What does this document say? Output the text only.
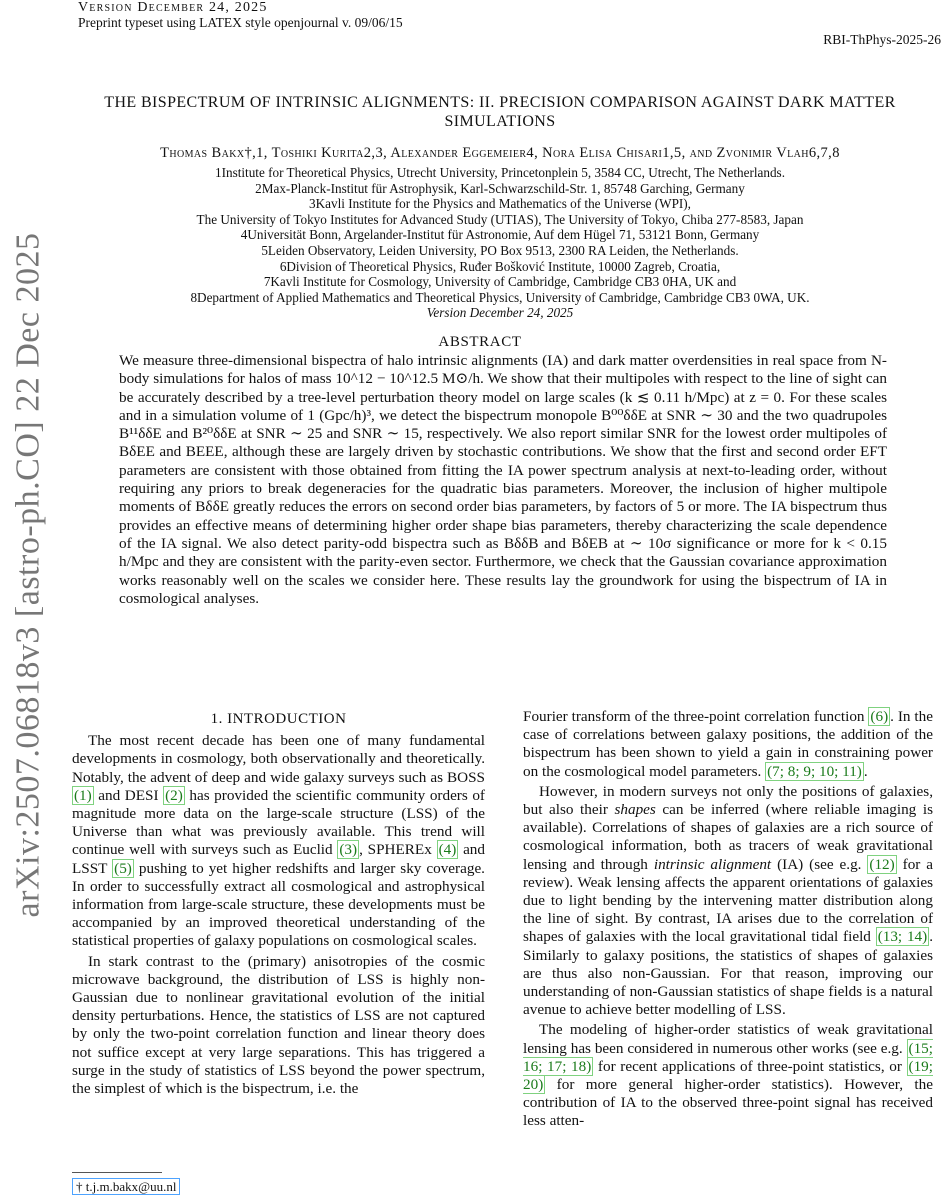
Version December 24, 2025
Preprint typeset using LATEX style openjournal v. 09/06/15
RBI-ThPhys-2025-26
arXiv:2507.06818v3 [astro-ph.CO] 22 Dec 2025
THE BISPECTRUM OF INTRINSIC ALIGNMENTS: II. PRECISION COMPARISON AGAINST DARK MATTER SIMULATIONS
Thomas Bakx†,1, Toshiki Kurita2,3, Alexander Eggemeier4, Nora Elisa Chisari1,5, and Zvonimir Vlah6,7,8
1Institute for Theoretical Physics, Utrecht University, Princetonplein 5, 3584 CC, Utrecht, The Netherlands.
2Max-Planck-Institut für Astrophysik, Karl-Schwarzschild-Str. 1, 85748 Garching, Germany
3Kavli Institute for the Physics and Mathematics of the Universe (WPI),
The University of Tokyo Institutes for Advanced Study (UTIAS), The University of Tokyo, Chiba 277-8583, Japan
4Universität Bonn, Argelander-Institut für Astronomie, Auf dem Hügel 71, 53121 Bonn, Germany
5Leiden Observatory, Leiden University, PO Box 9513, 2300 RA Leiden, the Netherlands.
6Division of Theoretical Physics, Ruđer Bošković Institute, 10000 Zagreb, Croatia,
7Kavli Institute for Cosmology, University of Cambridge, Cambridge CB3 0HA, UK and
8Department of Applied Mathematics and Theoretical Physics, University of Cambridge, Cambridge CB3 0WA, UK.
Version December 24, 2025
ABSTRACT
We measure three-dimensional bispectra of halo intrinsic alignments (IA) and dark matter overdensities in real space from N-body simulations for halos of mass 10^12 − 10^12.5 M⊙/h. We show that their multipoles with respect to the line of sight can be accurately described by a tree-level perturbation theory model on large scales (k ≲ 0.11 h/Mpc) at z = 0. For these scales and in a simulation volume of 1 (Gpc/h)³, we detect the bispectrum monopole B⁰⁰δδE at SNR ∼ 30 and the two quadrupoles B¹¹δδE and B²⁰δδE at SNR ∼ 25 and SNR ∼ 15, respectively. We also report similar SNR for the lowest order multipoles of BδEE and BEEE, although these are largely driven by stochastic contributions. We show that the first and second order EFT parameters are consistent with those obtained from fitting the IA power spectrum analysis at next-to-leading order, without requiring any priors to break degeneracies for the quadratic bias parameters. Moreover, the inclusion of higher multipole moments of BδδE greatly reduces the errors on second order bias parameters, by factors of 5 or more. The IA bispectrum thus provides an effective means of determining higher order shape bias parameters, thereby characterizing the scale dependence of the IA signal. We also detect parity-odd bispectra such as BδδB and BδEB at ∼ 10σ significance or more for k < 0.15 h/Mpc and they are consistent with the parity-even sector. Furthermore, we check that the Gaussian covariance approximation works reasonably well on the scales we consider here. These results lay the groundwork for using the bispectrum of IA in cosmological analyses.
1. INTRODUCTION

The most recent decade has been one of many fundamental developments in cosmology, both observationally and theoretically. Notably, the advent of deep and wide galaxy surveys such as BOSS (1) and DESI (2) has provided the scientific community orders of magnitude more data on the large-scale structure (LSS) of the Universe than what was previously available. This trend will continue well with surveys such as Euclid (3) , SPHEREx (4) and LSST (5) pushing to yet higher redshifts and larger sky coverage. In order to successfully extract all cosmological and astrophysical information from large-scale structure, these developments must be accompanied by an improved theoretical understanding of the statistical properties of galaxy populations on cosmological scales.

In stark contrast to the (primary) anisotropies of the cosmic microwave background, the distribution of LSS is highly non-Gaussian due to nonlinear gravitational evolution of the initial density perturbations. Hence, the statistics of LSS are not captured by only the two-point correlation function and linear theory does not suffice except at very large separations. This has triggered a surge in the study of statistics of LSS beyond the power spectrum, the simplest of which is the bispectrum, i.e. the

Fourier transform of the three-point correlation function (6) . In the case of correlations between galaxy positions, the addition of the bispectrum has been shown to yield a gain in constraining power on the cosmological model parameters. (7; 8; 9; 10; 11) .

However, in modern surveys not only the positions of galaxies, but also their shapes can be inferred (where reliable imaging is available). Correlations of shapes of galaxies are a rich source of cosmological information, both as tracers of weak gravitational lensing and through intrinsic alignment (IA) (see e.g. (12) for a review). Weak lensing affects the apparent orientations of galaxies due to light bending by the intervening matter distribution along the line of sight. By contrast, IA arises due to the correlation of shapes of galaxies with the local gravitational tidal field (13; 14) . Similarly to galaxy positions, the statistics of shapes of galaxies are thus also non-Gaussian. For that reason, improving our understanding of non-Gaussian statistics of shape fields is a natural avenue to achieve better modelling of LSS.

The modeling of higher-order statistics of weak gravitational lensing has been considered in numerous other works (see e.g. (15; 16; 17; 18) for recent applications of three-point statistics, or (19; 20) for more general higher-order statistics). However, the contribution of IA to the observed three-point signal has received less atten-

† t.j.m.bakx@uu.nl
